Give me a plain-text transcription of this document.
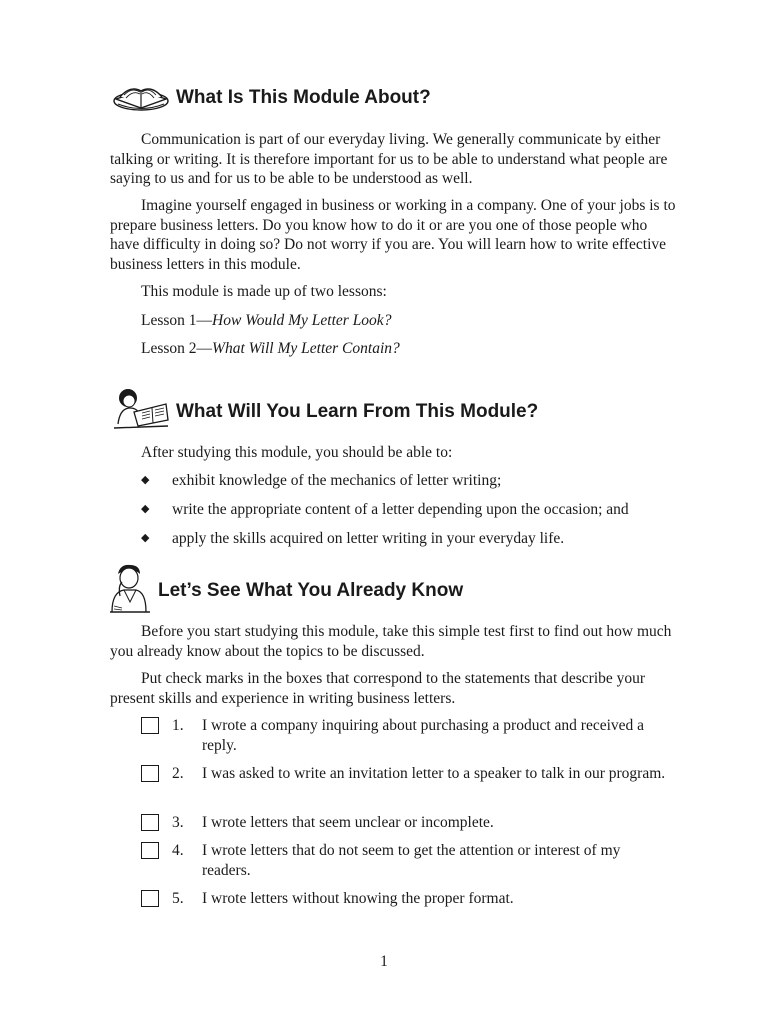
What Is This Module About?

Communication is part of our everyday living. We generally communicate by either talking or writing. It is therefore important for us to be able to understand what people are saying to us and for us to be able to be understood as well.

Imagine yourself engaged in business or working in a company. One of your jobs is to prepare business letters. Do you know how to do it or are you one of those people who have difficulty in doing so? Do not worry if you are. You will learn how to write effective business letters in this module.

This module is made up of two lessons:

Lesson 1—How Would My Letter Look?

Lesson 2—What Will My Letter Contain?

What Will You Learn From This Module?

After studying this module, you should be able to:

◆	exhibit knowledge of the mechanics of letter writing;
◆	write the appropriate content of a letter depending upon the occasion; and
◆	apply the skills acquired on letter writing in your everyday life.
Let’s See What You Already Know

Before you start studying this module, take this simple test first to find out how much you already know about the topics to be discussed.

Put check marks in the boxes that correspond to the statements that describe your present skills and experience in writing business letters.

1.	I wrote a company inquiring about purchasing a product and received a reply.
2.	I was asked to write an invitation letter to a speaker to talk in our program.
3.	I wrote letters that seem unclear or incomplete.
4.	I wrote letters that do not seem to get the attention or interest of my readers.
5.	I wrote letters without knowing the proper format.
1
